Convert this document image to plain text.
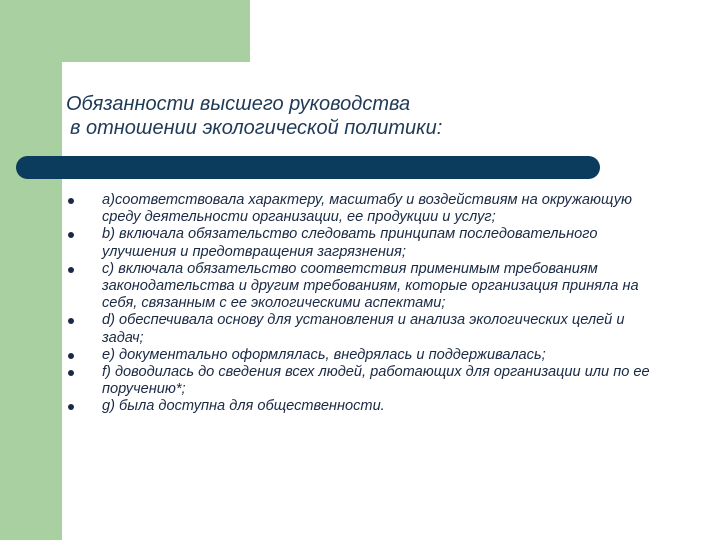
Обязанности высшего руководства
в отношении экологической политики:
а)соответствовала характеру, масштабу и воздействиям на окружающую среду деятельности организации, ее продукции и услуг;
b) включала обязательство следовать принципам последовательного улучшения и предотвращения загрязнения;
c) включала обязательство соответствия применимым требованиям законодательства и другим требованиям, которые организация приняла на себя, связанным с ее экологическими аспектами;
d) обеспечивала основу для установления и анализа экологических целей и задач;
e) документально оформлялась, внедрялась и поддерживалась;
f) доводилась до сведения всех людей, работающих для организации или по ее поручению*;
g) была доступна для общественности.
